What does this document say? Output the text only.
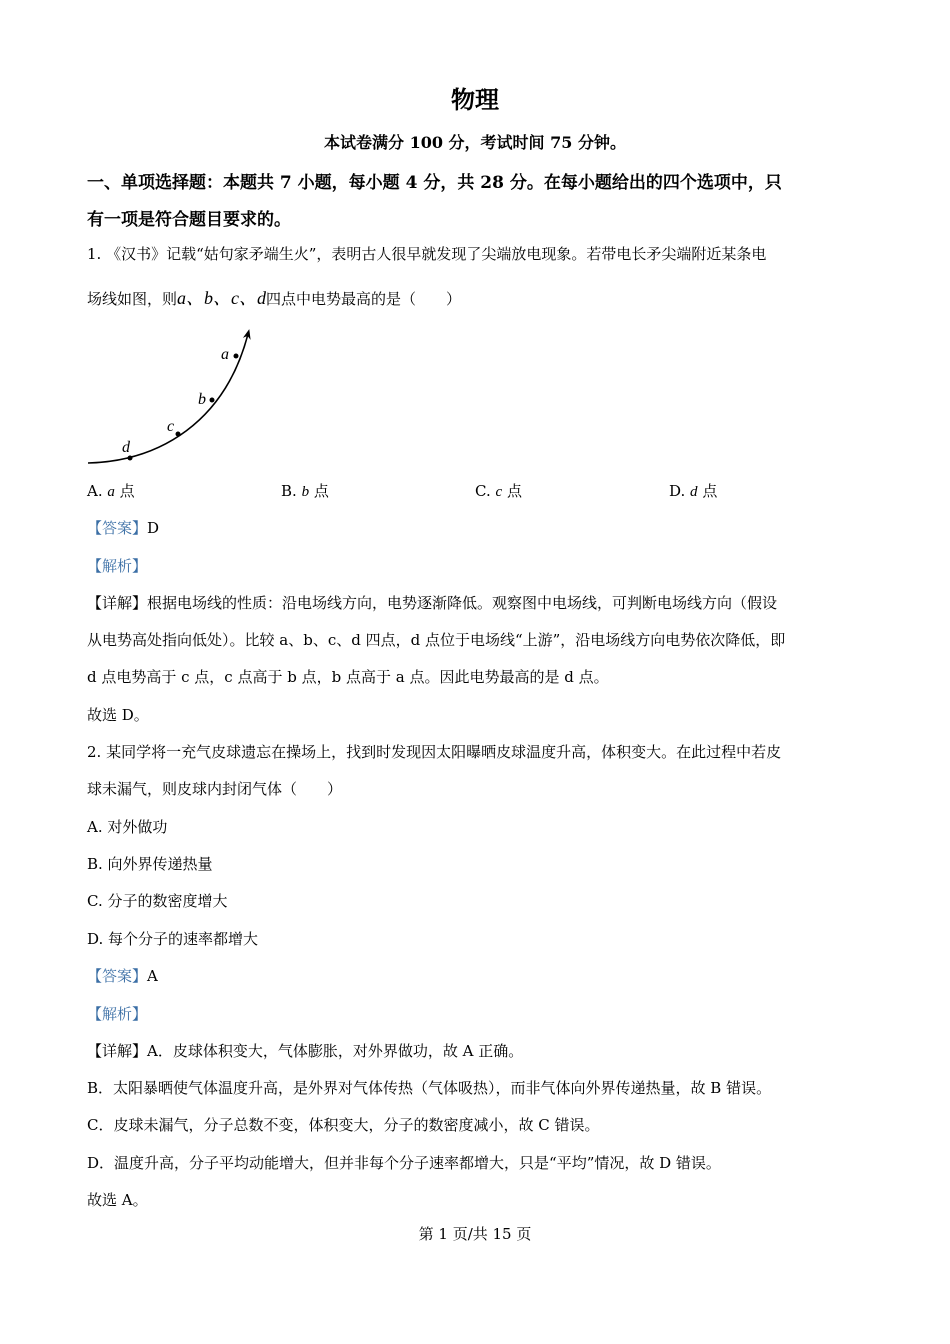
物理
本试卷满分 100 分，考试时间 75 分钟。
一、单项选择题：本题共 7 小题，每小题 4 分，共 28 分。在每小题给出的四个选项中，只
有一项是符合题目要求的。
1. 《汉书》记载“姑句家矛端生火”，表明古人很早就发现了尖端放电现象。若带电长矛尖端附近某条电
场线如图，则a、b、c、d四点中电势最高的是（　　）
a
b
c
d
A. a 点	B. b 点	C. c 点	D. d 点
【答案】D
【解析】
【详解】根据电场线的性质：沿电场线方向，电势逐渐降低。观察图中电场线，可判断电场线方向（假设
从电势高处指向低处）。比较 a、b、c、d 四点，d 点位于电场线“上游”，沿电场线方向电势依次降低，即
d 点电势高于 c 点，c 点高于 b 点，b 点高于 a 点。因此电势最高的是 d 点。
故选 D。
2. 某同学将一充气皮球遗忘在操场上，找到时发现因太阳曝晒皮球温度升高，体积变大。在此过程中若皮
球未漏气，则皮球内封闭气体（　　）
A. 对外做功
B. 向外界传递热量
C. 分子的数密度增大
D. 每个分子的速率都增大
【答案】A
【解析】
【详解】A．皮球体积变大，气体膨胀，对外界做功，故 A 正确。
B．太阳暴晒使气体温度升高，是外界对气体传热（气体吸热），而非气体向外界传递热量，故 B 错误。
C．皮球未漏气，分子总数不变，体积变大，分子的数密度减小，故 C 错误。
D．温度升高，分子平均动能增大，但并非每个分子速率都增大，只是“平均”情况，故 D 错误。
故选 A。
第 1 页/共 15 页
